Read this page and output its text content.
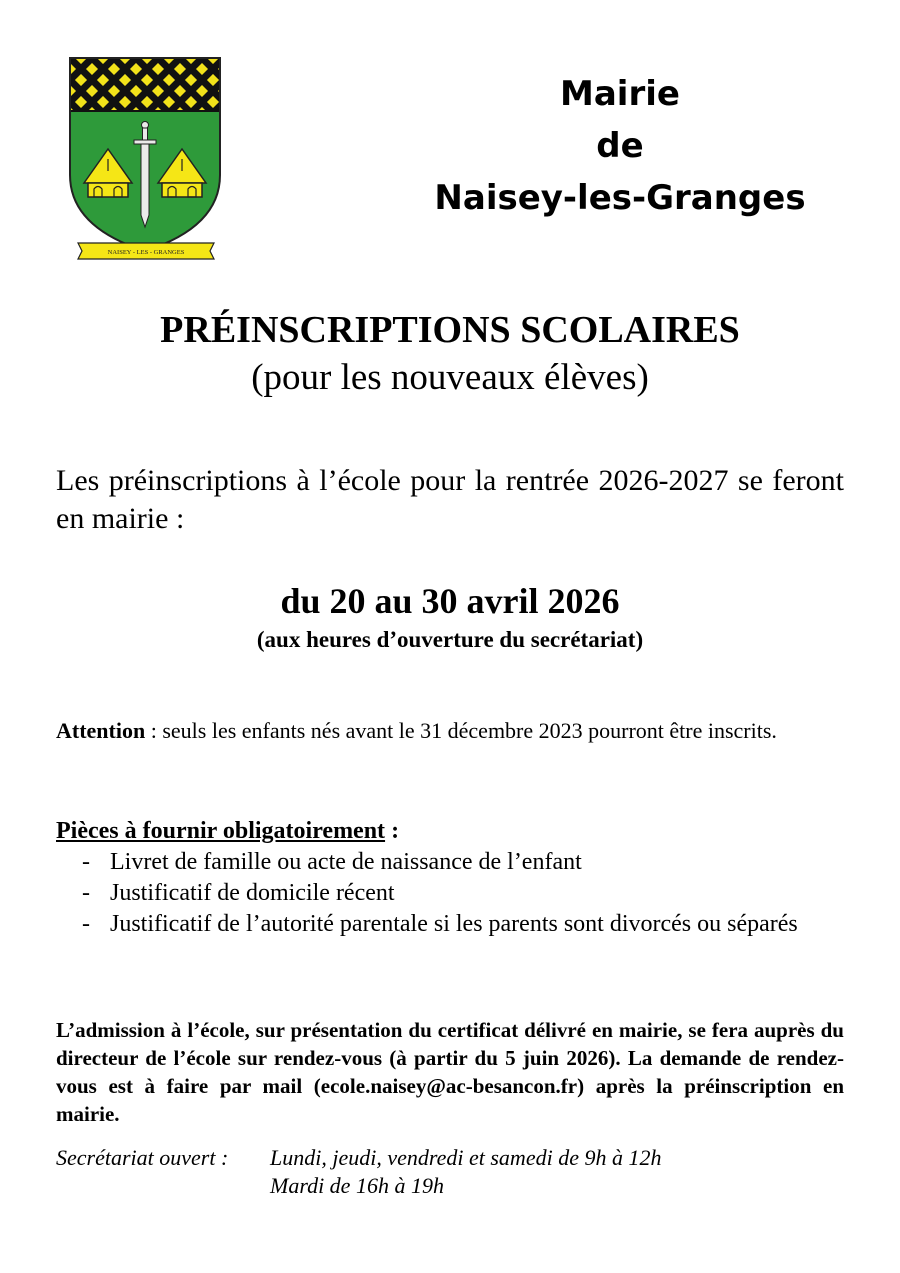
NAISEY - LES - GRANGES
Mairie
de
Naisey-les-Granges
PRÉINSCRIPTIONS SCOLAIRES
(pour les nouveaux élèves)
Les préinscriptions à l’école pour la rentrée 2026-2027 se feront en mairie :
du 20 au 30 avril 2026
(aux heures d’ouverture du secrétariat)
Attention : seuls les enfants nés avant le 31 décembre 2023 pourront être inscrits.
Pièces à fournir obligatoirement :
- Livret de famille ou acte de naissance de l’enfant
- Justificatif de domicile récent
- Justificatif de l’autorité parentale si les parents sont divorcés ou séparés
L’admission à l’école, sur présentation du certificat délivré en mairie, se fera auprès du directeur de l’école sur rendez-vous (à partir du 5 juin 2026). La demande de rendez-vous est à faire par mail (ecole.naisey@ac-besancon.fr) après la préinscription en mairie.
Secrétariat ouvert : Lundi, jeudi, vendredi et samedi de 9h à 12h
Mardi de 16h à 19h
